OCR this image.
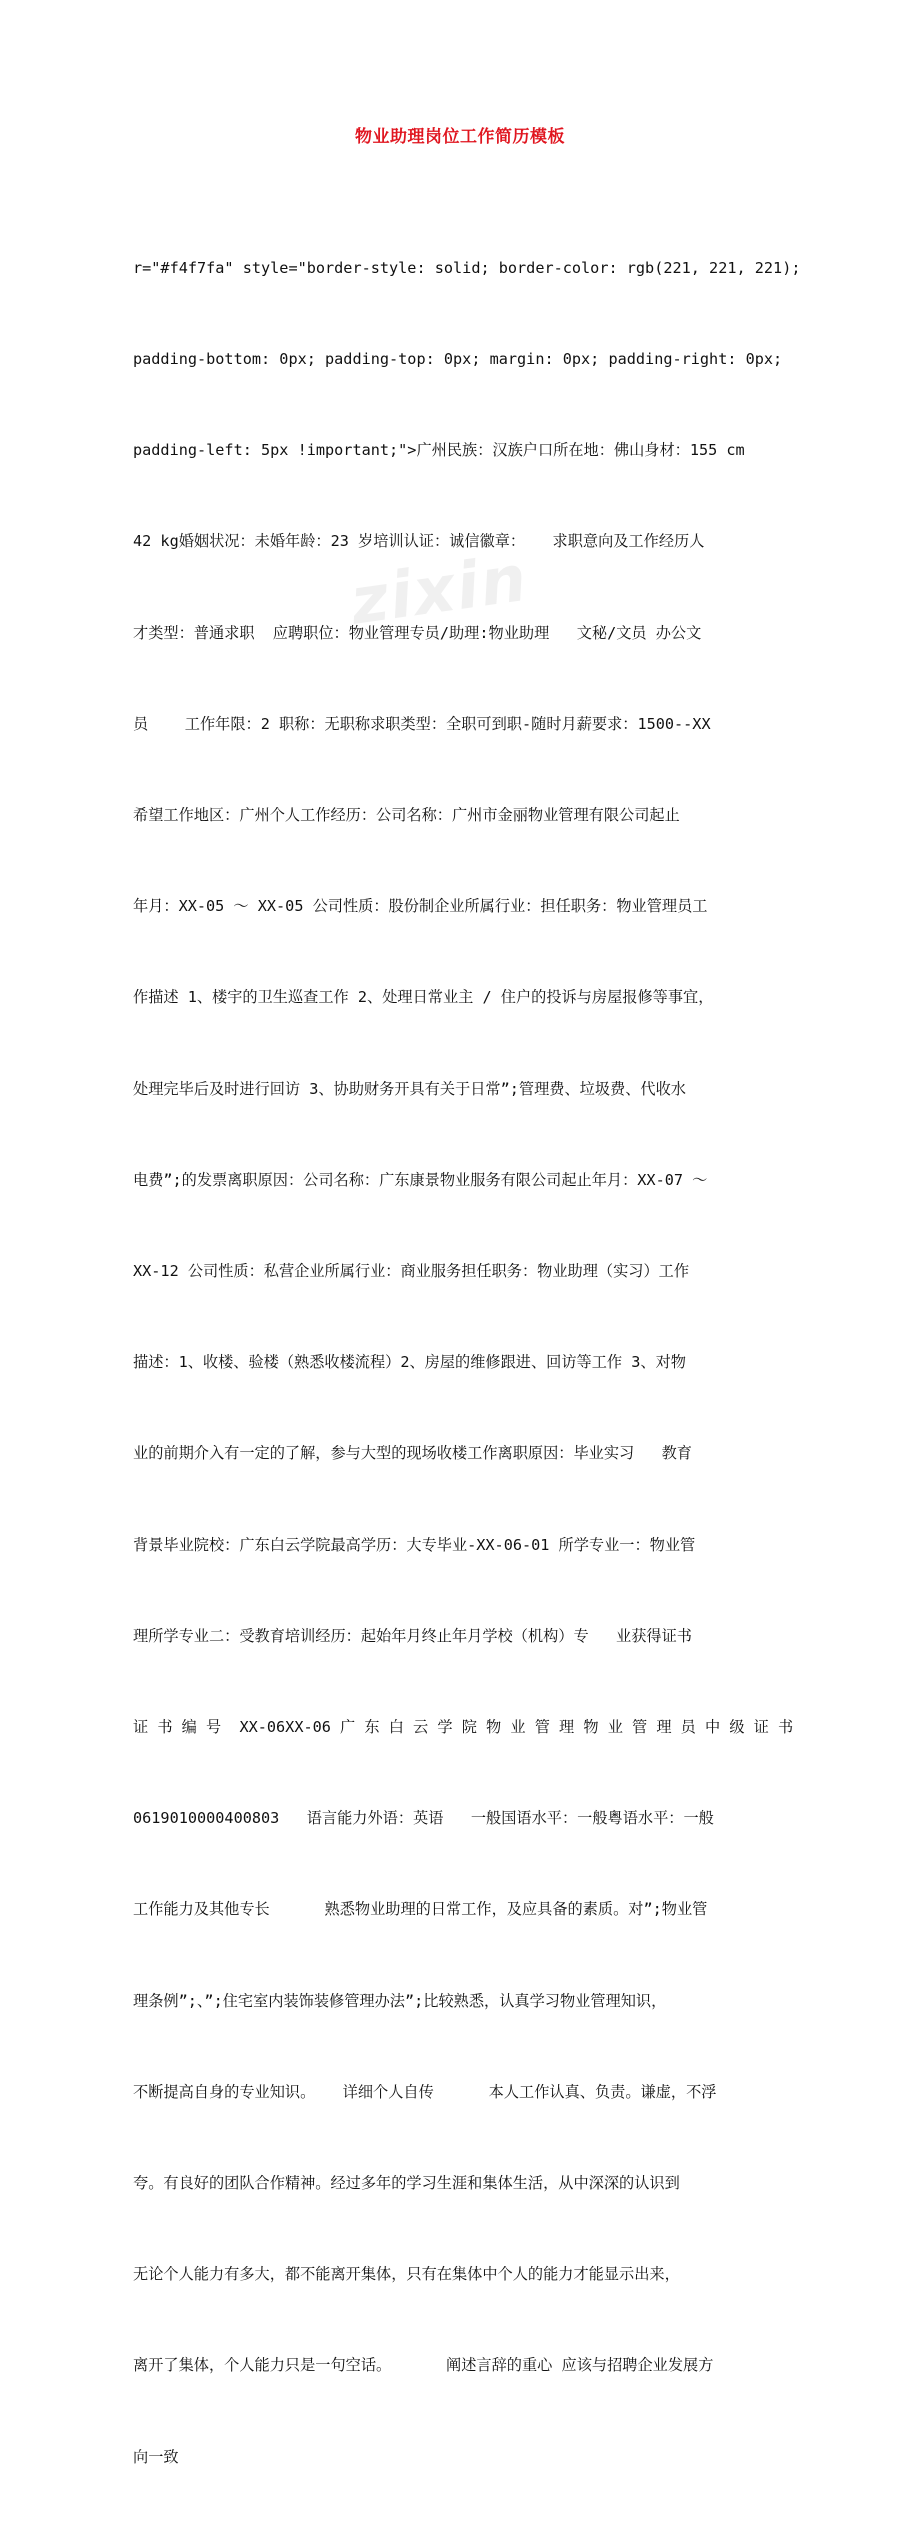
物业助理岗位工作简历模板
zixin

r="#f4f7fa" style="border-style: solid; border-color: rgb(221, 221, 221);

padding-bottom: 0px; padding-top: 0px; margin: 0px; padding-right: 0px;

padding-left: 5px !important;">广州民族：汉族户口所在地：佛山身材：155 cm

42 kg婚姻状况：未婚年龄：23 岁培训认证：诚信徽章：   求职意向及工作经历人

才类型：普通求职  应聘职位：物业管理专员/助理:物业助理   文秘/文员 办公文

员    工作年限：2 职称：无职称求职类型：全职可到职-随时月薪要求：1500--XX

希望工作地区：广州个人工作经历：公司名称：广州市金丽物业管理有限公司起止

年月：XX-05 ～ XX-05 公司性质：股份制企业所属行业：担任职务：物业管理员工

作描述 1、楼宇的卫生巡查工作 2、处理日常业主 / 住户的投诉与房屋报修等事宜，

处理完毕后及时进行回访 3、协助财务开具有关于日常”;管理费、垃圾费、代收水

电费”;的发票离职原因：公司名称：广东康景物业服务有限公司起止年月：XX-07 ～

XX-12 公司性质：私营企业所属行业：商业服务担任职务：物业助理（实习）工作

描述：1、收楼、验楼（熟悉收楼流程）2、房屋的维修跟进、回访等工作 3、对物

业的前期介入有一定的了解，参与大型的现场收楼工作离职原因：毕业实习   教育

背景毕业院校：广东白云学院最高学历：大专毕业-XX-06-01 所学专业一：物业管

理所学专业二：受教育培训经历：起始年月终止年月学校（机构）专   业获得证书

证 书 编 号  XX-06XX-06 广 东 白 云 学 院 物 业 管 理 物 业 管 理 员 中 级 证 书

0619010000400803   语言能力外语：英语   一般国语水平：一般粤语水平：一般

工作能力及其他专长      熟悉物业助理的日常工作，及应具备的素质。对”;物业管

理条例”;、”;住宅室内装饰装修管理办法”;比较熟悉，认真学习物业管理知识，

不断提高自身的专业知识。   详细个人自传      本人工作认真、负责。谦虚，不浮

夸。有良好的团队合作精神。经过多年的学习生涯和集体生活，从中深深的认识到

无论个人能力有多大，都不能离开集体，只有在集体中个人的能力才能显示出来，

离开了集体，个人能力只是一句空话。      阐述言辞的重心 应该与招聘企业发展方

向一致
